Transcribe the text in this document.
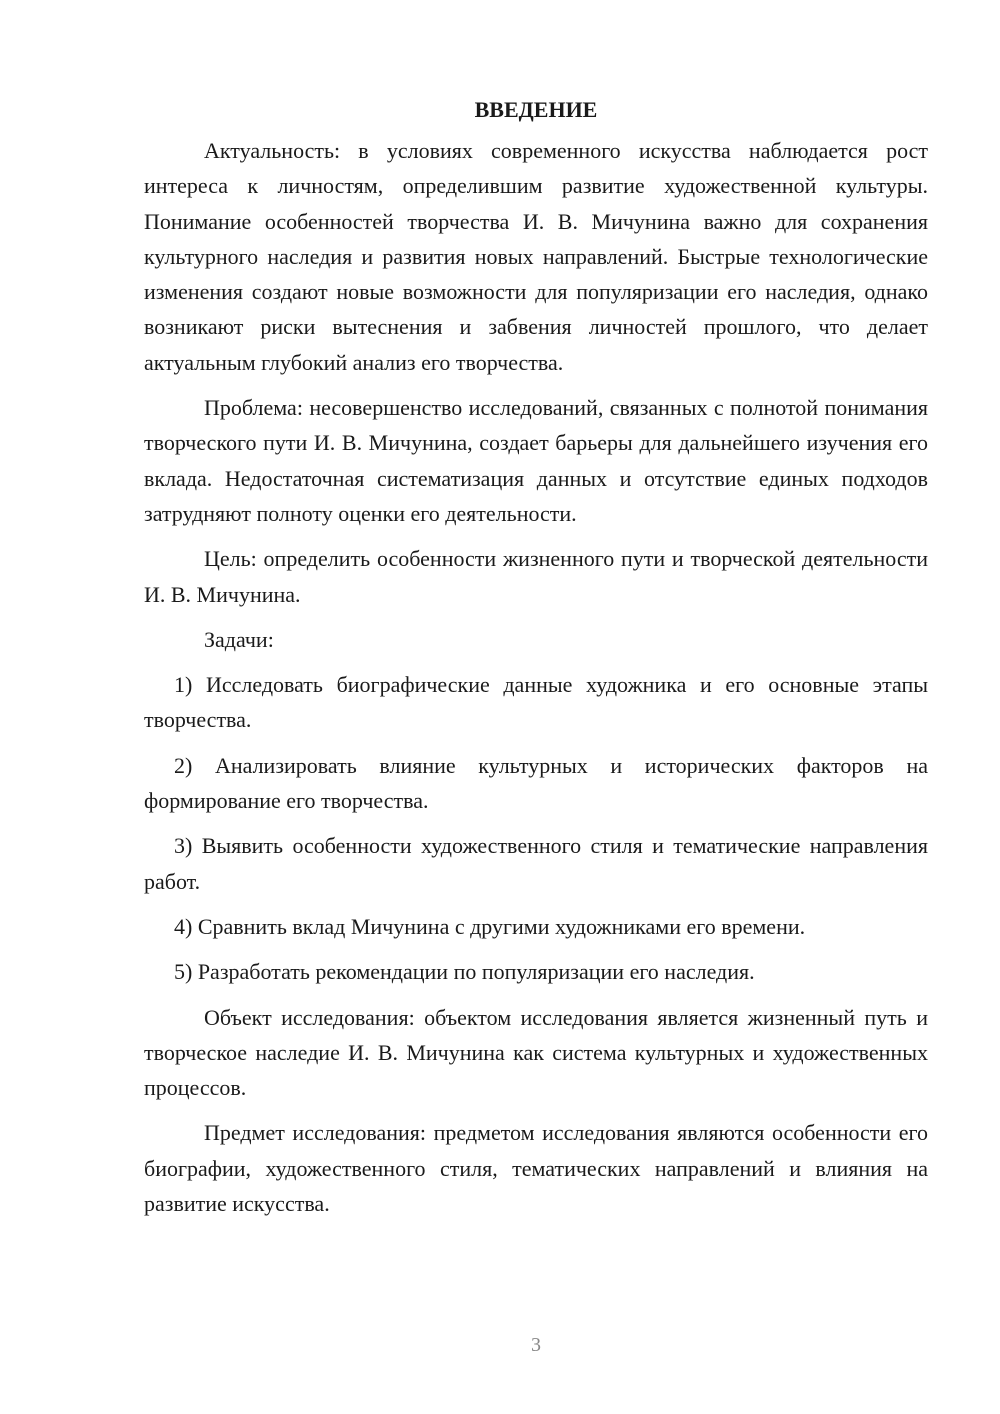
ВВЕДЕНИЕ

Актуальность: в условиях современного искусства наблюдается рост интереса к личностям, определившим развитие художественной культуры. Понимание особенностей творчества И. В. Мичунина важно для сохранения культурного наследия и развития новых направлений. Быстрые технологические изменения создают новые возможности для популяризации его наследия, однако возникают риски вытеснения и забвения личностей прошлого, что делает актуальным глубокий анализ его творчества.

Проблема: несовершенство исследований, связанных с полнотой понимания творческого пути И. В. Мичунина, создает барьеры для дальнейшего изучения его вклада. Недостаточная систематизация данных и отсутствие единых подходов затрудняют полноту оценки его деятельности.

Цель: определить особенности жизненного пути и творческой деятельности И. В. Мичунина.

Задачи:

1) Исследовать биографические данные художника и его основные этапы творчества.

2) Анализировать влияние культурных и исторических факторов на формирование его творчества.

3) Выявить особенности художественного стиля и тематические направления работ.

4) Сравнить вклад Мичунина с другими художниками его времени.

5) Разработать рекомендации по популяризации его наследия.

Объект исследования: объектом исследования является жизненный путь и творческое наследие И. В. Мичунина как система культурных и художественных процессов.

Предмет исследования: предметом исследования являются особенности его биографии, художественного стиля, тематических направлений и влияния на развитие искусства.

3
